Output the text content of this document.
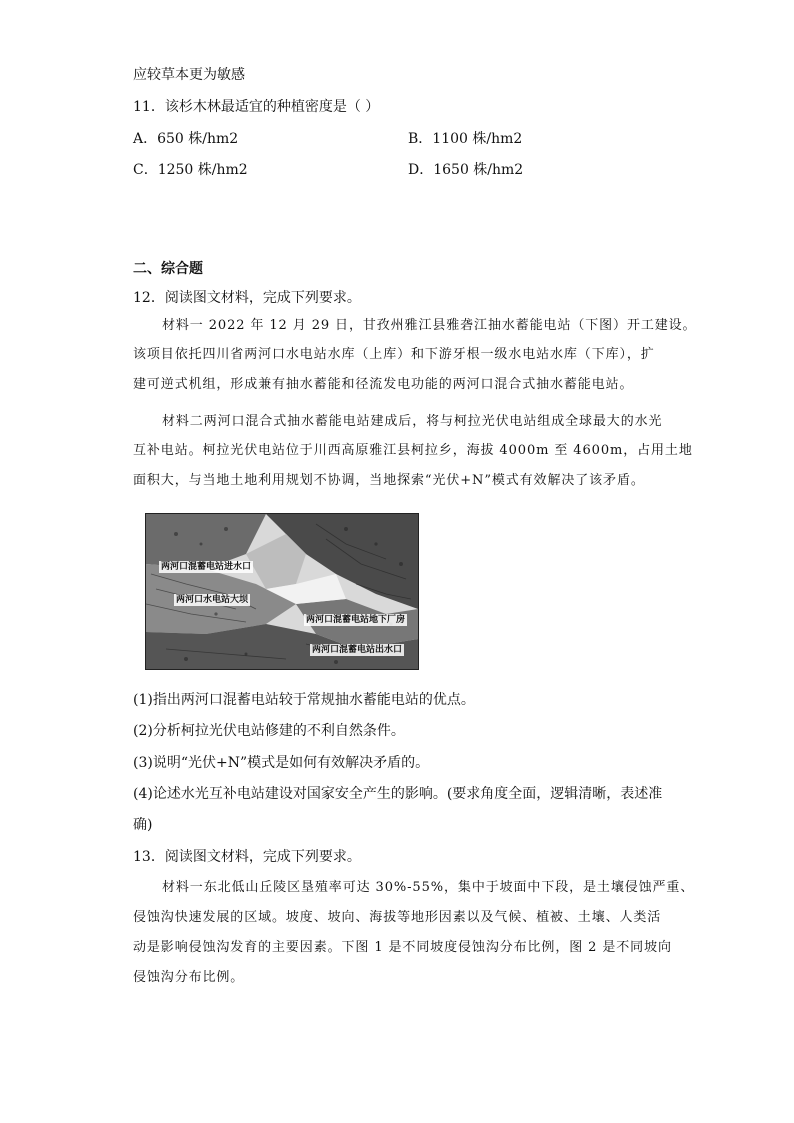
应较草本更为敏感
11．该杉木林最适宜的种植密度是（ ）
A．650 株/hm2	B．1100 株/hm2
C．1250 株/hm2	D．1650 株/hm2
二、综合题
12．阅读图文材料，完成下列要求。
材料一 2022 年 12 月 29 日，甘孜州雅江县雅砻江抽水蓄能电站（下图）开工建设。
该项目依托四川省两河口水电站水库（上库）和下游牙根一级水电站水库（下库），扩
建可逆式机组，形成兼有抽水蓄能和径流发电功能的两河口混合式抽水蓄能电站。
材料二两河口混合式抽水蓄能电站建成后，将与柯拉光伏电站组成全球最大的水光
互补电站。柯拉光伏电站位于川西高原雅江县柯拉乡，海拔 4000m 至 4600m，占用土地
面积大，与当地土地利用规划不协调，当地探索“光伏+N”模式有效解决了该矛盾。
两河口混蓄电站进水口
两河口水电站大坝
两河口混蓄电站地下厂房
两河口混蓄电站出水口
(1)指出两河口混蓄电站较于常规抽水蓄能电站的优点。
(2)分析柯拉光伏电站修建的不利自然条件。
(3)说明“光伏+N”模式是如何有效解决矛盾的。
(4)论述水光互补电站建设对国家安全产生的影响。(要求角度全面，逻辑清晰，表述准
确)
13．阅读图文材料，完成下列要求。
材料一东北低山丘陵区垦殖率可达 30%-55%，集中于坡面中下段，是土壤侵蚀严重、
侵蚀沟快速发展的区域。坡度、坡向、海拔等地形因素以及气候、植被、土壤、人类活
动是影响侵蚀沟发育的主要因素。下图 1 是不同坡度侵蚀沟分布比例，图 2 是不同坡向
侵蚀沟分布比例。
